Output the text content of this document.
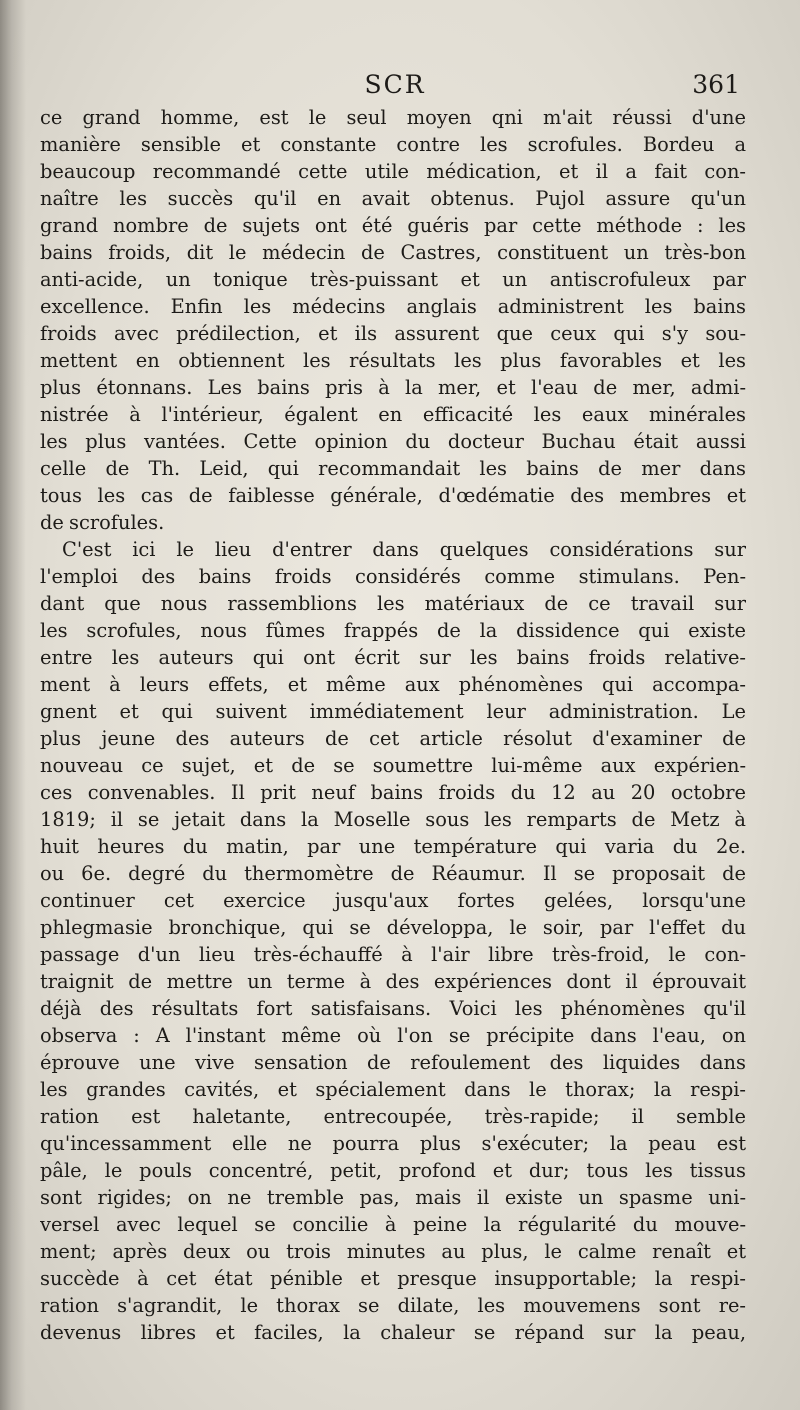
SCR	361
ce grand homme, est le seul moyen qni m'ait réussi d'une
manière sensible et constante contre les scrofules. Bordeu a
beaucoup recommandé cette utile médication, et il a fait con-
naître les succès qu'il en avait obtenus. Pujol assure qu'un
grand nombre de sujets ont été guéris par cette méthode : les
bains froids, dit le médecin de Castres, constituent un très-bon
anti-acide, un tonique très-puissant et un antiscrofuleux par
excellence. Enfin les médecins anglais administrent les bains
froids avec prédilection, et ils assurent que ceux qui s'y sou-
mettent en obtiennent les résultats les plus favorables et les
plus étonnans. Les bains pris à la mer, et l'eau de mer, admi-
nistrée à l'intérieur, égalent en efficacité les eaux minérales
les plus vantées. Cette opinion du docteur Buchau était aussi
celle de Th. Leid, qui recommandait les bains de mer dans
tous les cas de faiblesse générale, d'œdématie des membres et
de scrofules.
C'est ici le lieu d'entrer dans quelques considérations sur
l'emploi des bains froids considérés comme stimulans. Pen-
dant que nous rassemblions les matériaux de ce travail sur
les scrofules, nous fûmes frappés de la dissidence qui existe
entre les auteurs qui ont écrit sur les bains froids relative-
ment à leurs effets, et même aux phénomènes qui accompa-
gnent et qui suivent immédiatement leur administration. Le
plus jeune des auteurs de cet article résolut d'examiner de
nouveau ce sujet, et de se soumettre lui-même aux expérien-
ces convenables. Il prit neuf bains froids du 12 au 20 octobre
1819; il se jetait dans la Moselle sous les remparts de Metz à
huit heures du matin, par une température qui varia du 2e.
ou 6e. degré du thermomètre de Réaumur. Il se proposait de
continuer cet exercice jusqu'aux fortes gelées, lorsqu'une
phlegmasie bronchique, qui se développa, le soir, par l'effet du
passage d'un lieu très-échauffé à l'air libre très-froid, le con-
traignit de mettre un terme à des expériences dont il éprouvait
déjà des résultats fort satisfaisans. Voici les phénomènes qu'il
observa : A l'instant même où l'on se précipite dans l'eau, on
éprouve une vive sensation de refoulement des liquides dans
les grandes cavités, et spécialement dans le thorax; la respi-
ration est haletante, entrecoupée, très-rapide; il semble
qu'incessamment elle ne pourra plus s'exécuter; la peau est
pâle, le pouls concentré, petit, profond et dur; tous les tissus
sont rigides; on ne tremble pas, mais il existe un spasme uni-
versel avec lequel se concilie à peine la régularité du mouve-
ment; après deux ou trois minutes au plus, le calme renaît et
succède à cet état pénible et presque insupportable; la respi-
ration s'agrandit, le thorax se dilate, les mouvemens sont re-
devenus libres et faciles, la chaleur se répand sur la peau,
